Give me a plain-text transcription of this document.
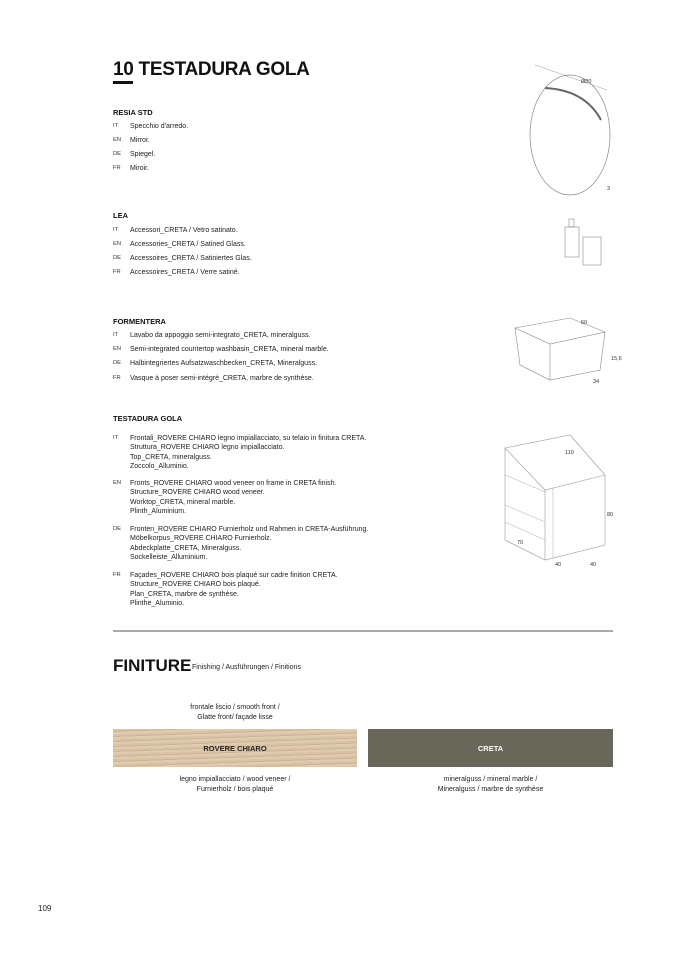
10 TESTADURA GOLA
RESIA STD
IT	Specchio d'arredo.
EN	Mirror.
DE	Spiegel.
FR	Miroir.
LEA
IT	Accessori_CRETA / Vetro satinato.
EN	Accessories_CRETA / Satined Glass.
DE	Accessoires_CRETA / Satiniertes Glas.
FR	Accessoires_CRETA / Verre satiné.
FORMENTERA
IT	Lavabo da appoggio semi-integrato_CRETA, mineralguss.
EN	Semi-integrated countertop washbasin_CRETA, mineral marble.
DE	Halbintegriertes Aufsatzwaschbecken_CRETA, Mineralguss.
FR	Vasque à poser semi-intégré_CRETA, marbre de synthèse.
TESTADURA GOLA
IT	Frontali_ROVERE CHIARO legno impiallacciato, su telaio in finitura CRETA.
Struttura_ROVERE CHIARO legno impiallacciato.
Top_CRETA, mineralguss.
Zoccolo_Alluminio.
EN	Fronts_ROVERE CHIARO wood veneer on frame in CRETA finish.
Structure_ROVERE CHIARO wood veneer.
Worktop_CRETA, mineral marble.
Plinth_Aluminium.
DE	Fronten_ROVERE CHIARO Furnierholz und Rahmen in CRETA-Ausführung.
Möbelkorpus_ROVERE CHIARO Furnierholz.
Abdeckplatte_CRETA, Mineralguss.
Sockelleiste_Alluminium.
FR	Façades_ROVERE CHIARO bois plaqué sur cadre finition CRETA.
Structure_ROVERE CHIARO bois plaqué.
Plan_CRETA, marbre de synthèse.
Plinthe_Aluminio.
Ø80
3
60
15,6
34
110
80
70
40	40
FINITURE Finishing / Ausführungen / Finitions
frontale liscio / smooth front /
Glatte front/ façade lisse
ROVERE CHIARO	CRETA
legno impiallacciato / wood veneer /
Furnierholz / bois plaqué
mineralguss / mineral marble /
Mineralguss / marbre de synthèse
109
